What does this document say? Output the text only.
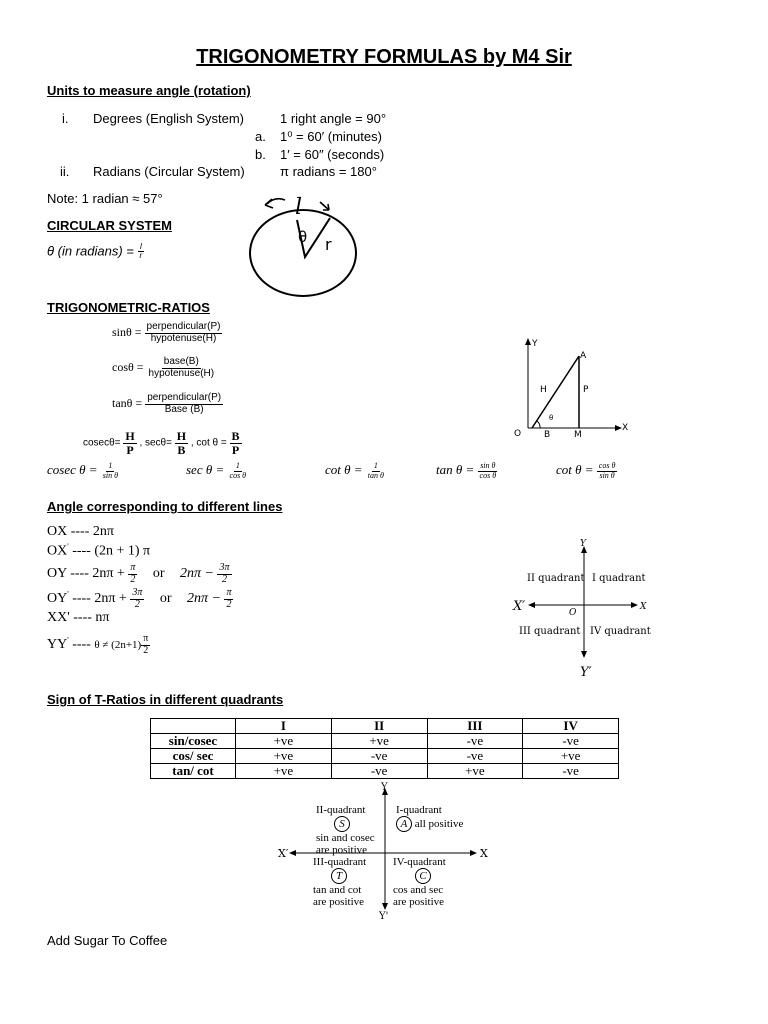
TRIGONOMETRY FORMULAS by M4 Sir
Units to measure angle (rotation)
i. Degrees (English System)	1 right angle = 90°
a. 1⁰ = 60′ (minutes)
b. 1′ = 60″ (seconds)
ii. Radians (Circular System)	π radians = 180°
Note: 1 radian ≈ 57°
CIRCULAR SYSTEM
θ (in radians) = $\frac{l}{r}$
l
θ r
TRIGONOMETRIC-RATIOS
$\sin\theta = \frac{\text{perpendicular(P)}}{\text{hypotenuse(H)}}$
$\cos\theta = \frac{\text{base(B)}}{\text{hypotenuse(H)}}$
$\tan\theta = \frac{\text{perpendicular(P)}}{\text{Base (B)}}$
$cosec\theta= \frac{H}{P}$ , $\sec\theta= \frac{H}{B}$ , $\cot \theta = \frac{B}{P}$
Y
A
H	P
θ
O	B	M
X
cosec $\theta = \frac{1}{\text{sin θ}}$	$\sec \theta = \frac{1}{\text{cos θ}}$	$\cot \theta = \frac{1}{\text{tan θ}}$	$\tan \theta = \frac{\text{sin θ}}{\text{cos θ}}$	$\cot \theta = \frac{\text{cos θ}}{\text{sin θ}}$
Angle corresponding to different lines
OX ---- 2nπ
OX' ---- (2n + 1) π
OY ---- $2n\pi + \frac{\pi}{2}$ or $2n\pi - \frac{3\pi}{2}$
OY' ---- $2n\pi + \frac{3\pi}{2}$ or $2n\pi - \frac{\pi}{2}$
XX' ---- nπ
YY' ---- $\theta \ne (2n+1) \frac{\pi}{2}$
Y
II quadrant I quadrant
X′	O
X
III quadrant IV quadrant
Y′
Sign of T-Ratios in different quadrants
	I	II	III	IV
sin/cosec	+ve	+ve	-ve	-ve
cos/ sec	+ve	-ve	-ve	+ve
tan/ cot	+ve	-ve	+ve	-ve
Y
Y'
X′	X
II-quadrant
S
sin and cosec
are positive
I-quadrant
A all positive
III-quadrant
T
tan and cot
are positive
IV-quadrant
C
cos and sec
are positive
Add Sugar To Coffee
